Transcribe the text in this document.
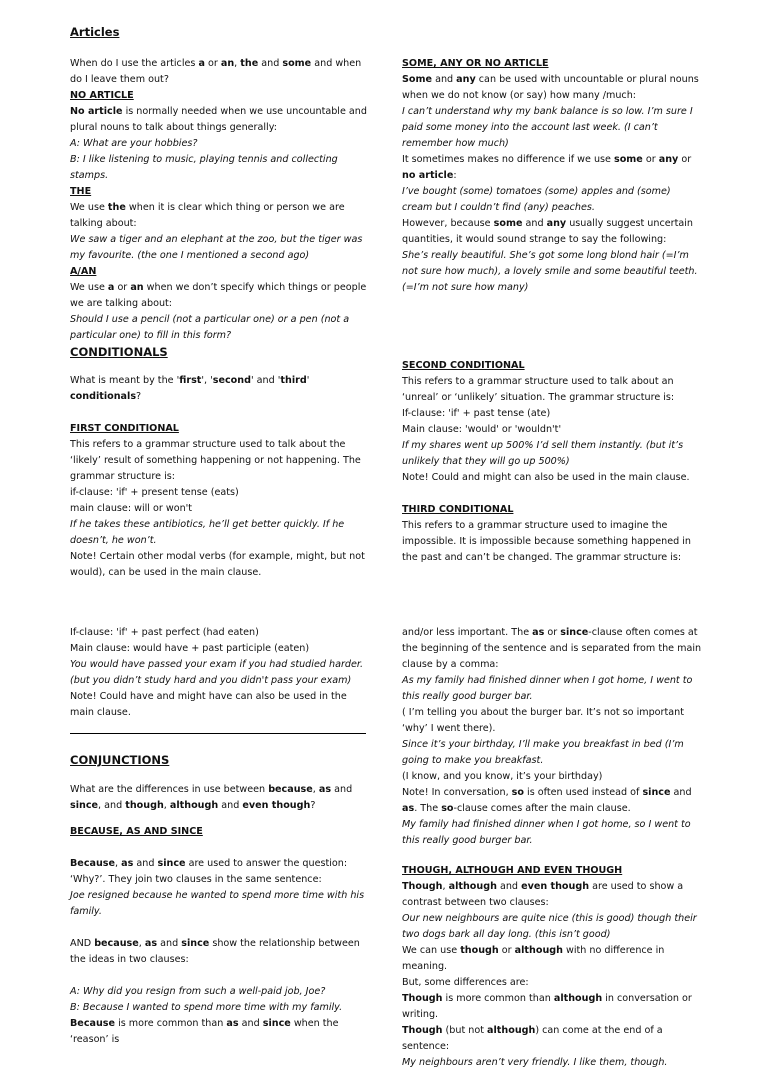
Articles

When do I use the articles a or an, the and some and when do I leave them out?

NO ARTICLE

No article is normally needed when we use uncountable and plural nouns to talk about things generally:

A: What are your hobbies?

B: I like listening to music, playing tennis and collecting stamps.

THE

We use the when it is clear which thing or person we are talking about:

We saw a tiger and an elephant at the zoo, but the tiger was my favourite. (the one I mentioned a second ago)

A/AN

We use a or an when we don’t specify which things or people we are talking about:

Should I use a pencil (not a particular one) or a pen (not a particular one) to fill in this form?

SOME, ANY OR NO ARTICLE

Some and any can be used with uncountable or plural nouns when we do not know (or say) how many /much:

I can’t understand why my bank balance is so low. I’m sure I paid some money into the account last week. (I can’t remember how much)

It sometimes makes no difference if we use some or any or no article:

I’ve bought (some) tomatoes (some) apples and (some) cream but I couldn’t find (any) peaches.

However, because some and any usually suggest uncertain quantities, it would sound strange to say the following:

She’s really beautiful. She’s got some long blond hair (=I’m not sure how much), a lovely smile and some beautiful teeth. (=I’m not sure how many)

CONDITIONALS

What is meant by the 'first', 'second' and 'third' conditionals?

FIRST CONDITIONAL

This refers to a grammar structure used to talk about the ‘likely’ result of something happening or not happening. The grammar structure is:

if-clause: 'if' + present tense (eats)

main clause: will or won't

If he takes these antibiotics, he’ll get better quickly. If he doesn’t, he won’t.

Note! Certain other modal verbs (for example, might, but not would), can be used in the main clause.

SECOND CONDITIONAL

This refers to a grammar structure used to talk about an ‘unreal’ or ‘unlikely’ situation. The grammar structure is:

If-clause: 'if' + past tense (ate)

Main clause: 'would' or 'wouldn't'

If my shares went up 500% I’d sell them instantly. (but it’s unlikely that they will go up 500%)

Note! Could and might can also be used in the main clause.

THIRD CONDITIONAL

This refers to a grammar structure used to imagine the impossible. It is impossible because something happened in the past and can’t be changed. The grammar structure is:

If-clause: 'if' + past perfect (had eaten)

Main clause: would have + past participle (eaten)

You would have passed your exam if you had studied harder. (but you didn’t study hard and you didn't pass your exam)

Note! Could have and might have can also be used in the main clause.

CONJUNCTIONS

What are the differences in use between because, as and since, and though, although and even though?

BECAUSE, AS AND SINCE

Because, as and since are used to answer the question: ‘Why?’. They join two clauses in the same sentence:

Joe resigned because he wanted to spend more time with his family.

AND because, as and since show the relationship between the ideas in two clauses:

A: Why did you resign from such a well-paid job, Joe?

B: Because I wanted to spend more time with my family.

Because is more common than as and since when the ‘reason’ is

and/or less important. The as or since-clause often comes at the beginning of the sentence and is separated from the main clause by a comma:

As my family had finished dinner when I got home, I went to this really good burger bar.

( I’m telling you about the burger bar. It’s not so important ‘why’ I went there).

Since it’s your birthday, I’ll make you breakfast in bed (I’m going to make you breakfast.

(I know, and you know, it’s your birthday)

Note! In conversation, so is often used instead of since and as. The so-clause comes after the main clause.

My family had finished dinner when I got home, so I went to this really good burger bar.

THOUGH, ALTHOUGH AND EVEN THOUGH

Though, although and even though are used to show a contrast between two clauses:

Our new neighbours are quite nice (this is good) though their two dogs bark all day long. (this isn’t good)

We can use though or although with no difference in meaning.

But, some differences are:

Though is more common than although in conversation or writing.

Though (but not although) can come at the end of a sentence:

My neighbours aren’t very friendly. I like them, though.
